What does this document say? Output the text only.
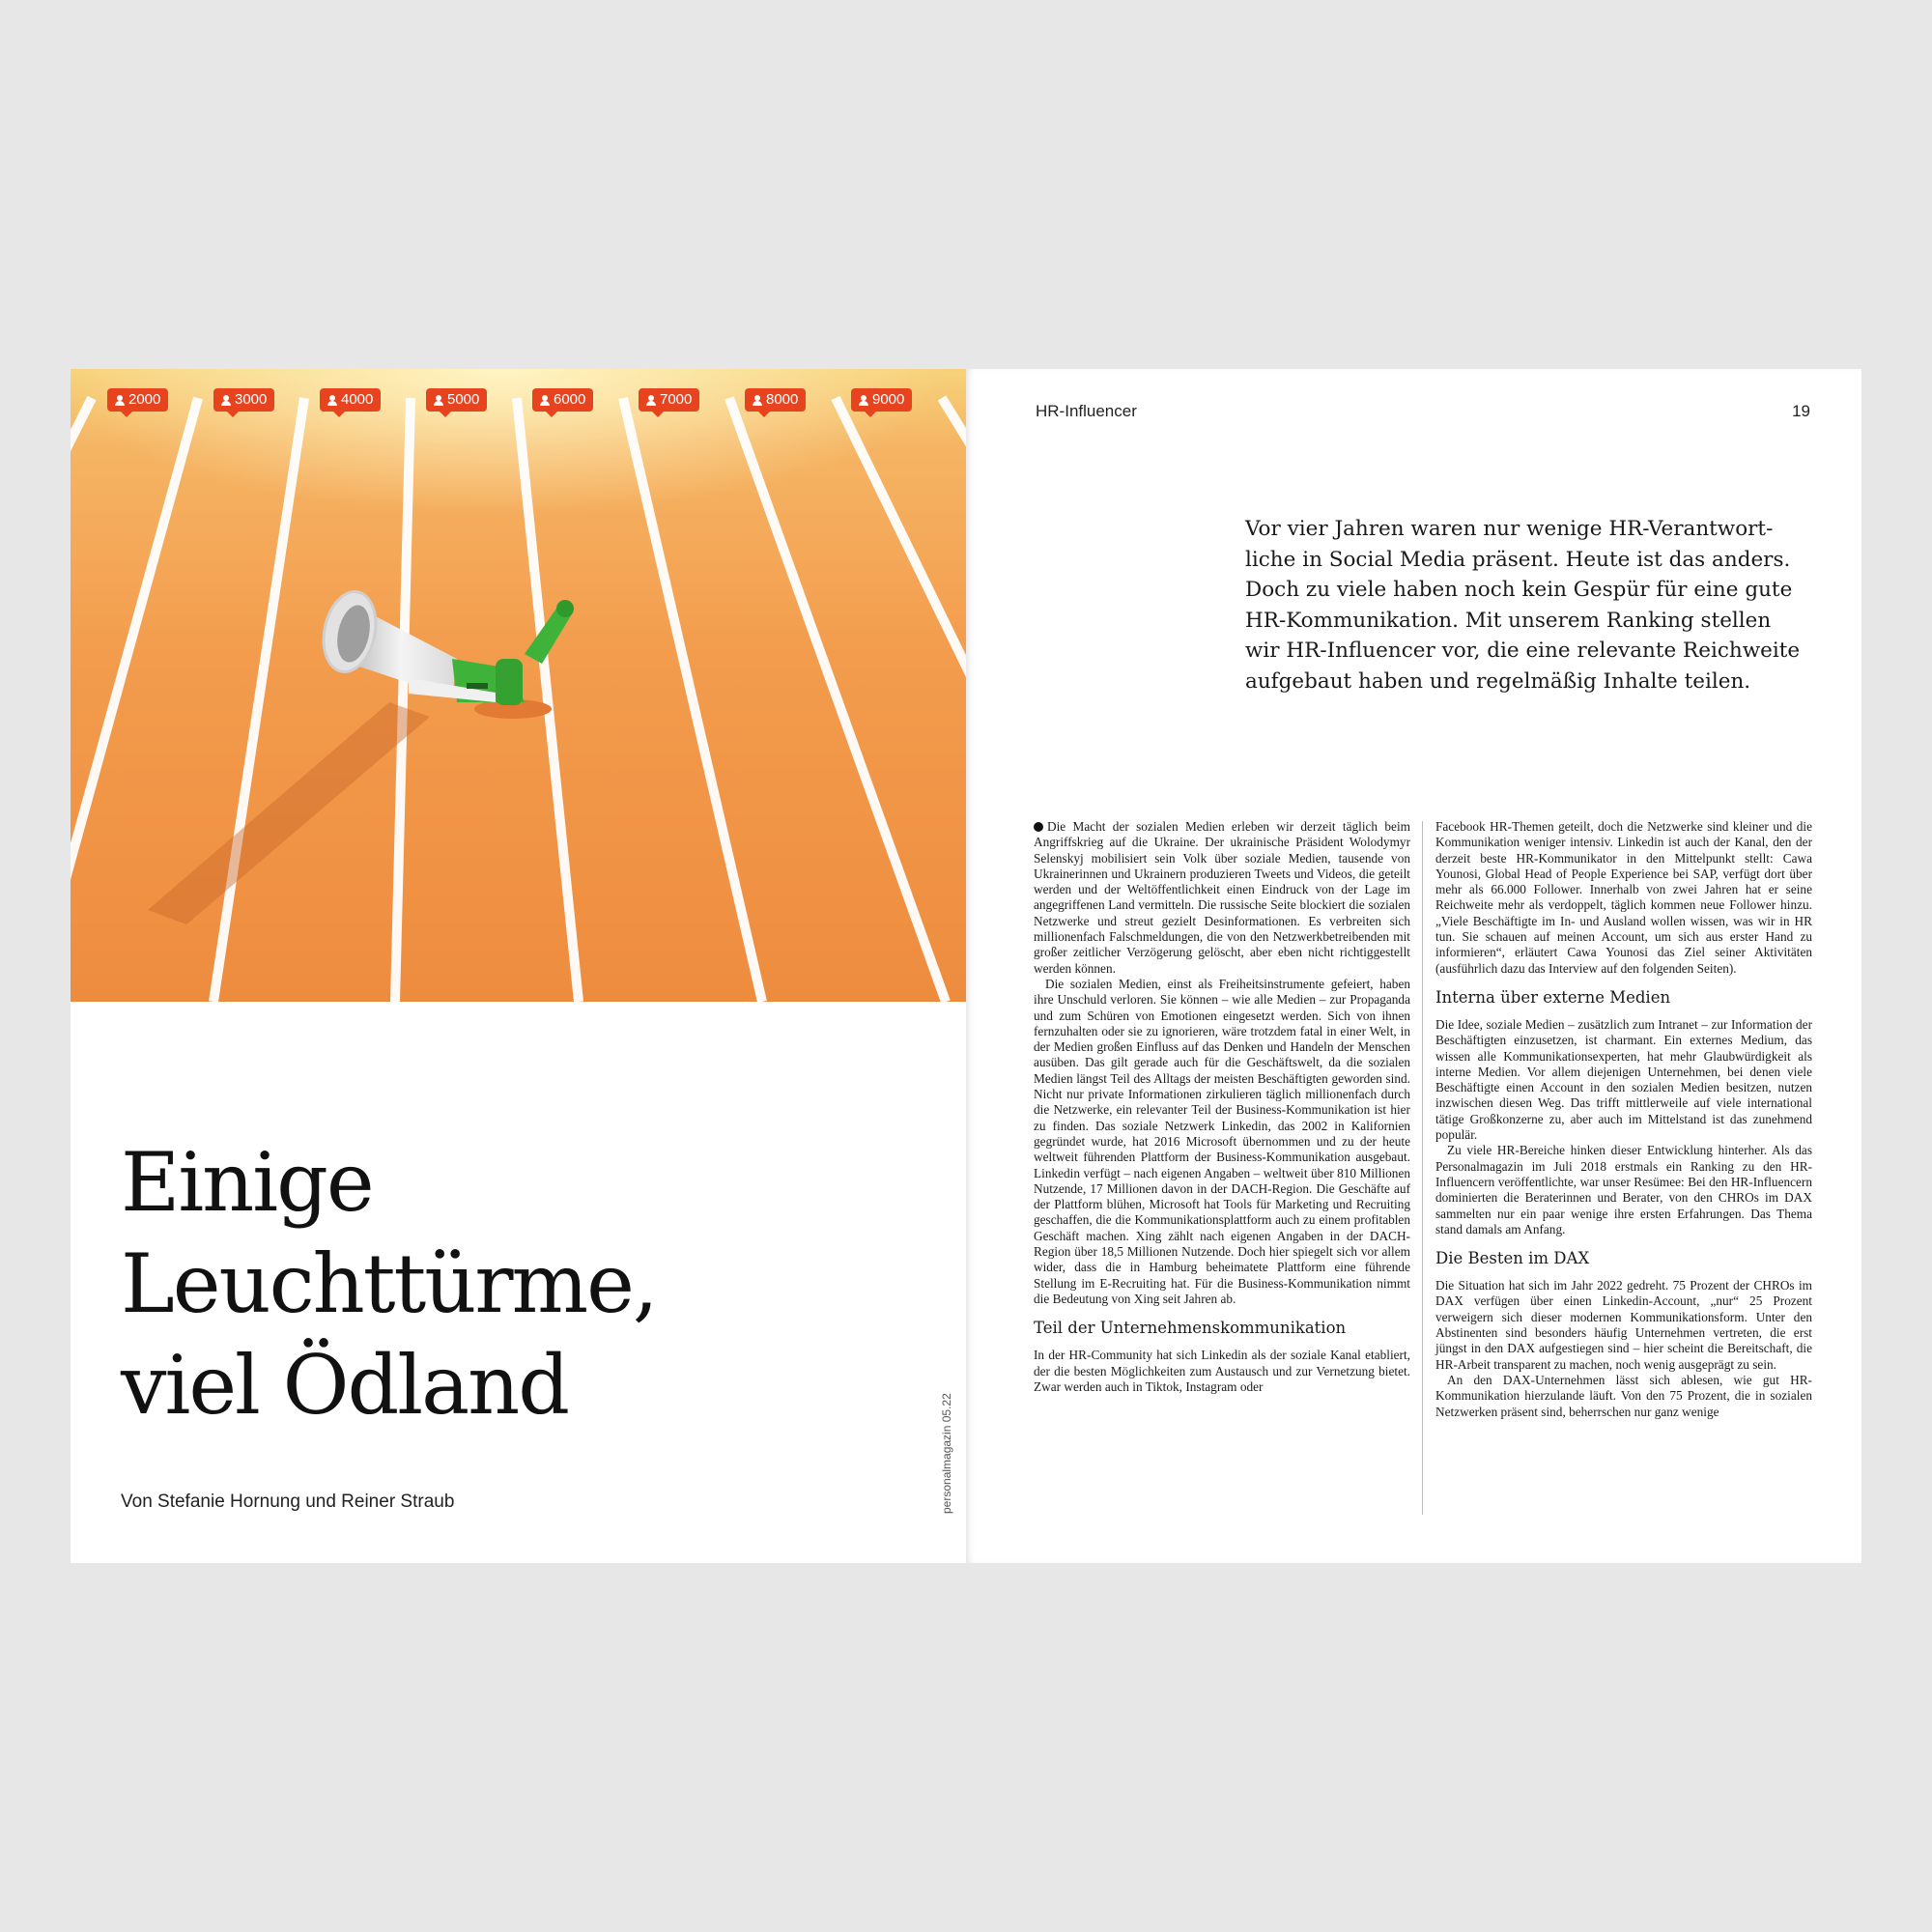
2000	3000	4000	5000	6000	7000	8000	9000
Einige
Leuchttürme,
viel Ödland
Von Stefanie Hornung und Reiner Straub	personalmagazin 05.22
HR-Influencer	19

Vor vier Jahren waren nur wenige HR-Verantwort-
liche in Social Media präsent. Heute ist das anders.
Doch zu viele haben noch kein Gespür für eine gute
HR-Kommunikation. Mit unserem Ranking stellen
wir HR-Influencer vor, die eine relevante Reichweite
aufgebaut haben und regelmäßig Inhalte teilen.

Die Macht der sozialen Medien erleben wir derzeit täglich beim Angriffskrieg auf die Ukraine. Der ukrainische Präsident Wolodymyr Selenskyj mobilisiert sein Volk über soziale Medien, tausende von Ukrainerinnen und Ukrainern produzieren Tweets und Videos, die geteilt werden und der Weltöffentlichkeit einen Eindruck von der Lage im angegriffenen Land vermitteln. Die russische Seite blockiert die sozialen Netzwerke und streut gezielt Desinformationen. Es verbreiten sich millionenfach Falschmeldungen, die von den Netzwerkbetreibenden mit großer zeitlicher Verzögerung gelöscht, aber eben nicht richtiggestellt werden können.

Die sozialen Medien, einst als Freiheitsinstrumente gefeiert, haben ihre Unschuld verloren. Sie können – wie alle Medien – zur Propaganda und zum Schüren von Emotionen eingesetzt werden. Sich von ihnen fernzuhalten oder sie zu ignorieren, wäre trotzdem fatal in einer Welt, in der Medien großen Einfluss auf das Denken und Handeln der Menschen ausüben. Das gilt gerade auch für die Geschäftswelt, da die sozialen Medien längst Teil des Alltags der meisten Beschäftigten geworden sind. Nicht nur private Informationen zirkulieren täglich millionenfach durch die Netzwerke, ein relevanter Teil der Business-Kommunikation ist hier zu finden. Das soziale Netzwerk Linkedin, das 2002 in Kalifornien gegründet wurde, hat 2016 Microsoft übernommen und zu der heute weltweit führenden Plattform der Business-Kommunikation ausgebaut. Linkedin verfügt – nach eigenen Angaben – weltweit über 810 Millionen Nutzende, 17 Millionen davon in der DACH-Region. Die Geschäfte auf der Plattform blühen, Microsoft hat Tools für Marketing und Recruiting geschaffen, die die Kommunikationsplattform auch zu einem profitablen Geschäft machen. Xing zählt nach eigenen Angaben in der DACH-Region über 18,5 Millionen Nutzende. Doch hier spiegelt sich vor allem wider, dass die in Hamburg beheimatete Plattform eine führende Stellung im E-Recruiting hat. Für die Business-Kommunikation nimmt die Bedeutung von Xing seit Jahren ab.

Teil der Unternehmenskommunikation

In der HR-Community hat sich Linkedin als der soziale Kanal etabliert, der die besten Möglichkeiten zum Austausch und zur Vernetzung bietet. Zwar werden auch in Tiktok, Instagram oder

Facebook HR-Themen geteilt, doch die Netzwerke sind kleiner und die Kommunikation weniger intensiv. Linkedin ist auch der Kanal, den der derzeit beste HR-Kommunikator in den Mittelpunkt stellt: Cawa Younosi, Global Head of People Experience bei SAP, verfügt dort über mehr als 66.000 Follower. Innerhalb von zwei Jahren hat er seine Reichweite mehr als verdoppelt, täglich kommen neue Follower hinzu. „Viele Beschäftigte im In- und Ausland wollen wissen, was wir in HR tun. Sie schauen auf meinen Account, um sich aus erster Hand zu informieren“, erläutert Cawa Younosi das Ziel seiner Aktivitäten (ausführlich dazu das Interview auf den folgenden Seiten).

Interna über externe Medien

Die Idee, soziale Medien – zusätzlich zum Intranet – zur Information der Beschäftigten einzusetzen, ist charmant. Ein externes Medium, das wissen alle Kommunikationsexperten, hat mehr Glaubwürdigkeit als interne Medien. Vor allem diejenigen Unternehmen, bei denen viele Beschäftigte einen Account in den sozialen Medien besitzen, nutzen inzwischen diesen Weg. Das trifft mittlerweile auf viele international tätige Großkonzerne zu, aber auch im Mittelstand ist das zunehmend populär.

Zu viele HR-Bereiche hinken dieser Entwicklung hinterher. Als das Personalmagazin im Juli 2018 erstmals ein Ranking zu den HR-Influencern veröffentlichte, war unser Resümee: Bei den HR-Influencern dominierten die Beraterinnen und Berater, von den CHROs im DAX sammelten nur ein paar wenige ihre ersten Erfahrungen. Das Thema stand damals am Anfang.

Die Besten im DAX

Die Situation hat sich im Jahr 2022 gedreht. 75 Prozent der CHROs im DAX verfügen über einen Linkedin-Account, „nur“ 25 Prozent verweigern sich dieser modernen Kommunikationsform. Unter den Abstinenten sind besonders häufig Unternehmen vertreten, die erst jüngst in den DAX aufgestiegen sind – hier scheint die Bereitschaft, die HR-Arbeit transparent zu machen, noch wenig ausgeprägt zu sein.

An den DAX-Unternehmen lässt sich ablesen, wie gut HR-Kommunikation hierzulande läuft. Von den 75 Prozent, die in sozialen Netzwerken präsent sind, beherrschen nur ganz wenige
